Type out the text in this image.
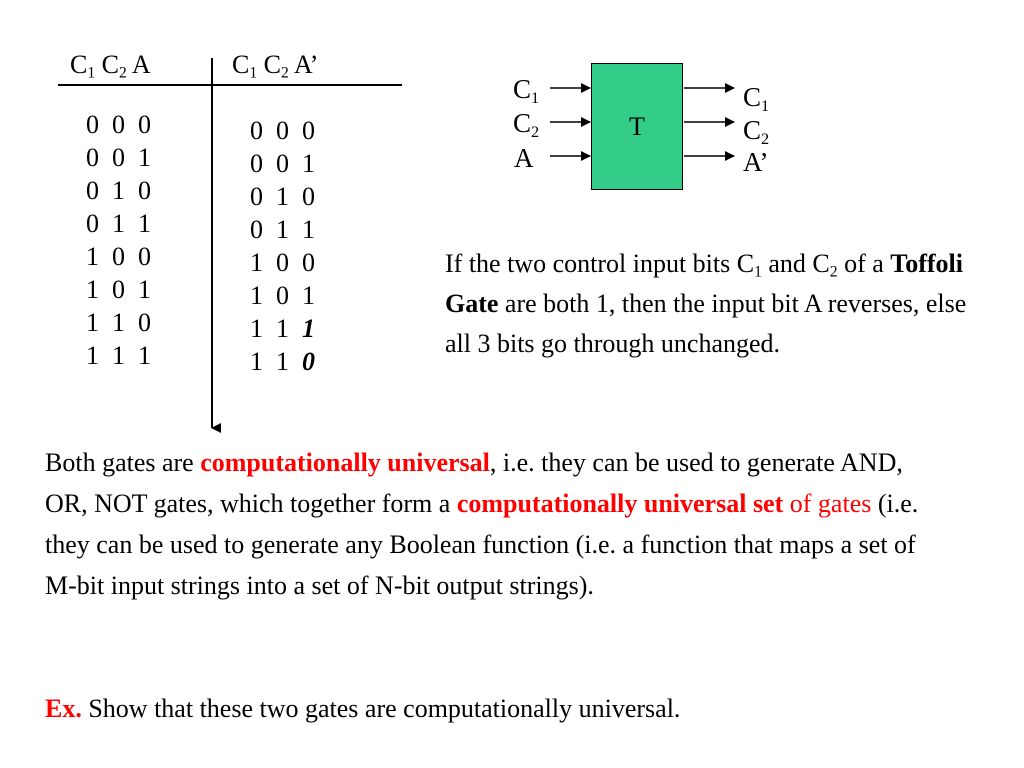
$C_1$ $C_2$ A	$C_1$ $C_2$ A’
0 0 0
0 0 1
0 1 0
0 1 1
1 0 0
1 0 1
1 1 0
1 1 1
0 0 0
0 0 1
0 1 0
0 1 1
1 0 0
1 0 1
1 1 1
1 1 0
T
$C_1$
$C_2$
A
$C_1$
$C_2$
A’
If the two control input bits $C_1$ and $C_2$ of a Toffoli Gate are both 1, then the input bit A reverses, else all 3 bits go through unchanged.
Both gates are computationally universal, i.e. they can be used to generate AND, OR, NOT gates, which together form a computationally universal set of gates (i.e. they can be used to generate any Boolean function (i.e. a function that maps a set of M-bit input strings into a set of N-bit output strings).
Ex. Show that these two gates are computationally universal.
